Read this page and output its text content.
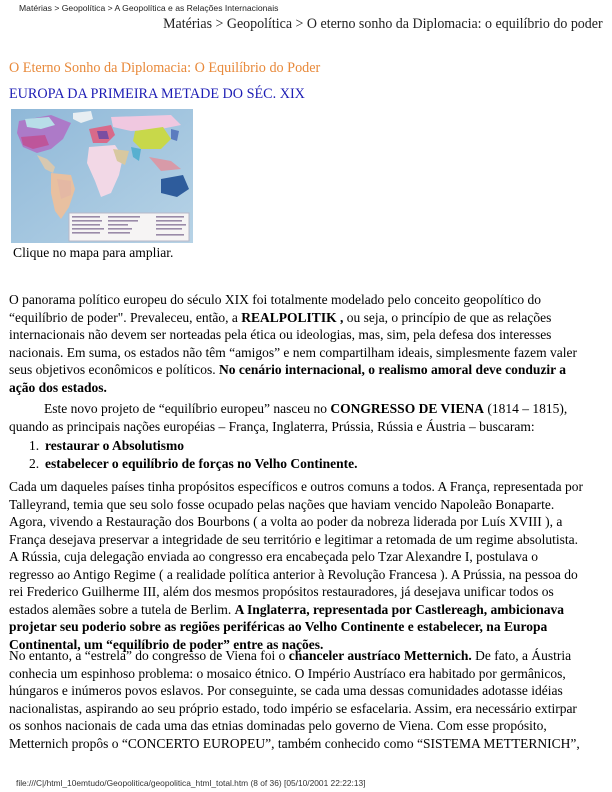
Matérias > Geopolítica > A Geopolítica e as Relações Internacionais
Matérias > Geopolítica > O eterno sonho da Diplomacia: o equilíbrio do poder
O Eterno Sonho da Diplomacia: O Equilíbrio do Poder
EUROPA DA PRIMEIRA METADE DO SÉC. XIX
Clique no mapa para ampliar.
O panorama político europeu do século XIX foi totalmente modelado pelo conceito geopolítico do
“equilíbrio de poder". Prevaleceu, então, a REALPOLITIK , ou seja, o princípio de que as relações
internacionais não devem ser norteadas pela ética ou ideologias, mas, sim, pela defesa dos interesses
nacionais. Em suma, os estados não têm “amigos” e nem compartilham ideais, simplesmente fazem valer
seus objetivos econômicos e políticos. No cenário internacional, o realismo amoral deve conduzir a
ação dos estados.
Este novo projeto de “equilíbrio europeu” nasceu no CONGRESSO DE VIENA (1814 – 1815),
quando as principais nações européias – França, Inglaterra, Prússia, Rússia e Áustria – buscaram:
1. restaurar o Absolutismo
2. estabelecer o equilíbrio de forças no Velho Continente.
Cada um daqueles países tinha propósitos específicos e outros comuns a todos. A França, representada por
Talleyrand, temia que seu solo fosse ocupado pelas nações que haviam vencido Napoleão Bonaparte.
Agora, vivendo a Restauração dos Bourbons ( a volta ao poder da nobreza liderada por Luís XVIII ), a
França desejava preservar a integridade de seu território e legitimar a retomada de um regime absolutista.
A Rússia, cuja delegação enviada ao congresso era encabeçada pelo Tzar Alexandre I, postulava o
regresso ao Antigo Regime ( a realidade política anterior à Revolução Francesa ). A Prússia, na pessoa do
rei Frederico Guilherme III, além dos mesmos propósitos restauradores, já desejava unificar todos os
estados alemães sobre a tutela de Berlim. A Inglaterra, representada por Castlereagh, ambicionava
projetar seu poderio sobre as regiões periféricas ao Velho Continente e estabelecer, na Europa
Continental, um “equilíbrio de poder” entre as nações.
No entanto, a “estrela” do congresso de Viena foi o chanceler austríaco Metternich. De fato, a Áustria
conhecia um espinhoso problema: o mosaico étnico. O Império Austríaco era habitado por germânicos,
húngaros e inúmeros povos eslavos. Por conseguinte, se cada uma dessas comunidades adotasse idéias
nacionalistas, aspirando ao seu próprio estado, todo império se esfacelaria. Assim, era necessário extirpar
os sonhos nacionais de cada uma das etnias dominadas pelo governo de Viena. Com esse propósito,
Metternich propôs o “CONCERTO EUROPEU”, também conhecido como “SISTEMA METTERNICH”,
file:///C|/html_10emtudo/Geopolitica/geopolitica_html_total.htm (8 of 36) [05/10/2001 22:22:13]
